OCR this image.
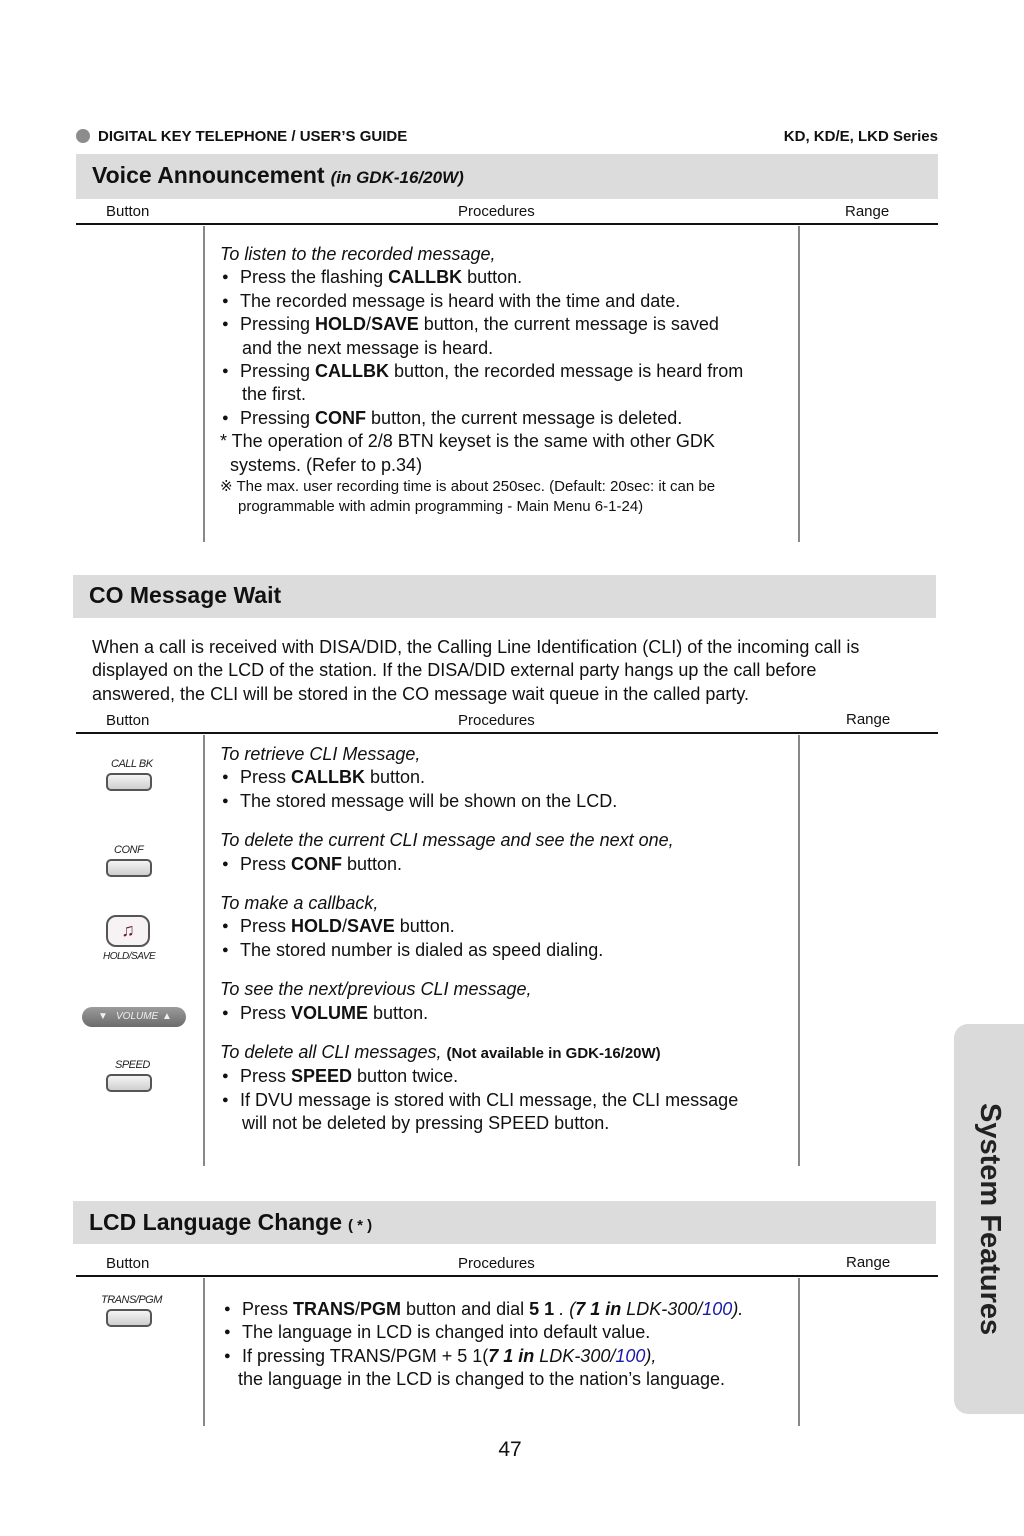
DIGITAL KEY TELEPHONE / USER’S GUIDE	KD, KD/E, LKD Series
Voice Announcement (in GDK-16/20W)
Button	Procedures	Range

To listen to the recorded message,

● Press the flashing CALLBK button.

● The recorded message is heard with the time and date.

● Pressing HOLD/SAVE button, the current message is saved

and the next message is heard.

● Pressing CALLBK button, the recorded message is heard from

the first.

● Pressing CONF button, the current message is deleted.

* The operation of 2/8 BTN keyset is the same with other GDK

systems. (Refer to p.34)

※ The max. user recording time is about 250sec. (Default: 20sec: it can be

programmable with admin programming - Main Menu 6-1-24)

CO Message Wait
When a call is received with DISA/DID, the Calling Line Identification (CLI) of the incoming call is
displayed on the LCD of the station. If the DISA/DID external party hangs up the call before
answered, the CLI will be stored in the CO message wait queue in the called party.
Button	Procedures	Range
CALL BK
CONF
♫
HOLD/SAVE
▼ VOLUME ▲
SPEED

To retrieve CLI Message,

● Press CALLBK button.

● The stored message will be shown on the LCD.

To delete the current CLI message and see the next one,

● Press CONF button.

To make a callback,

● Press HOLD/SAVE button.

● The stored number is dialed as speed dialing.

To see the next/previous CLI message,

● Press VOLUME button.

To delete all CLI messages, (Not available in GDK-16/20W)

● Press SPEED button twice.

● If DVU message is stored with CLI message, the CLI message

will not be deleted by pressing SPEED button.

LCD Language Change ( * )
Button	Procedures	Range
TRANS/PGM

●	Press TRANS/PGM button and dial 5 1 . (7 1 in LDK-300/100).

● The language in LCD is changed into default value.

● If pressing TRANS/PGM + 5 1(7 1 in LDK-300/100),

the language in the LCD is changed to the nation’s language.

System Features
47
